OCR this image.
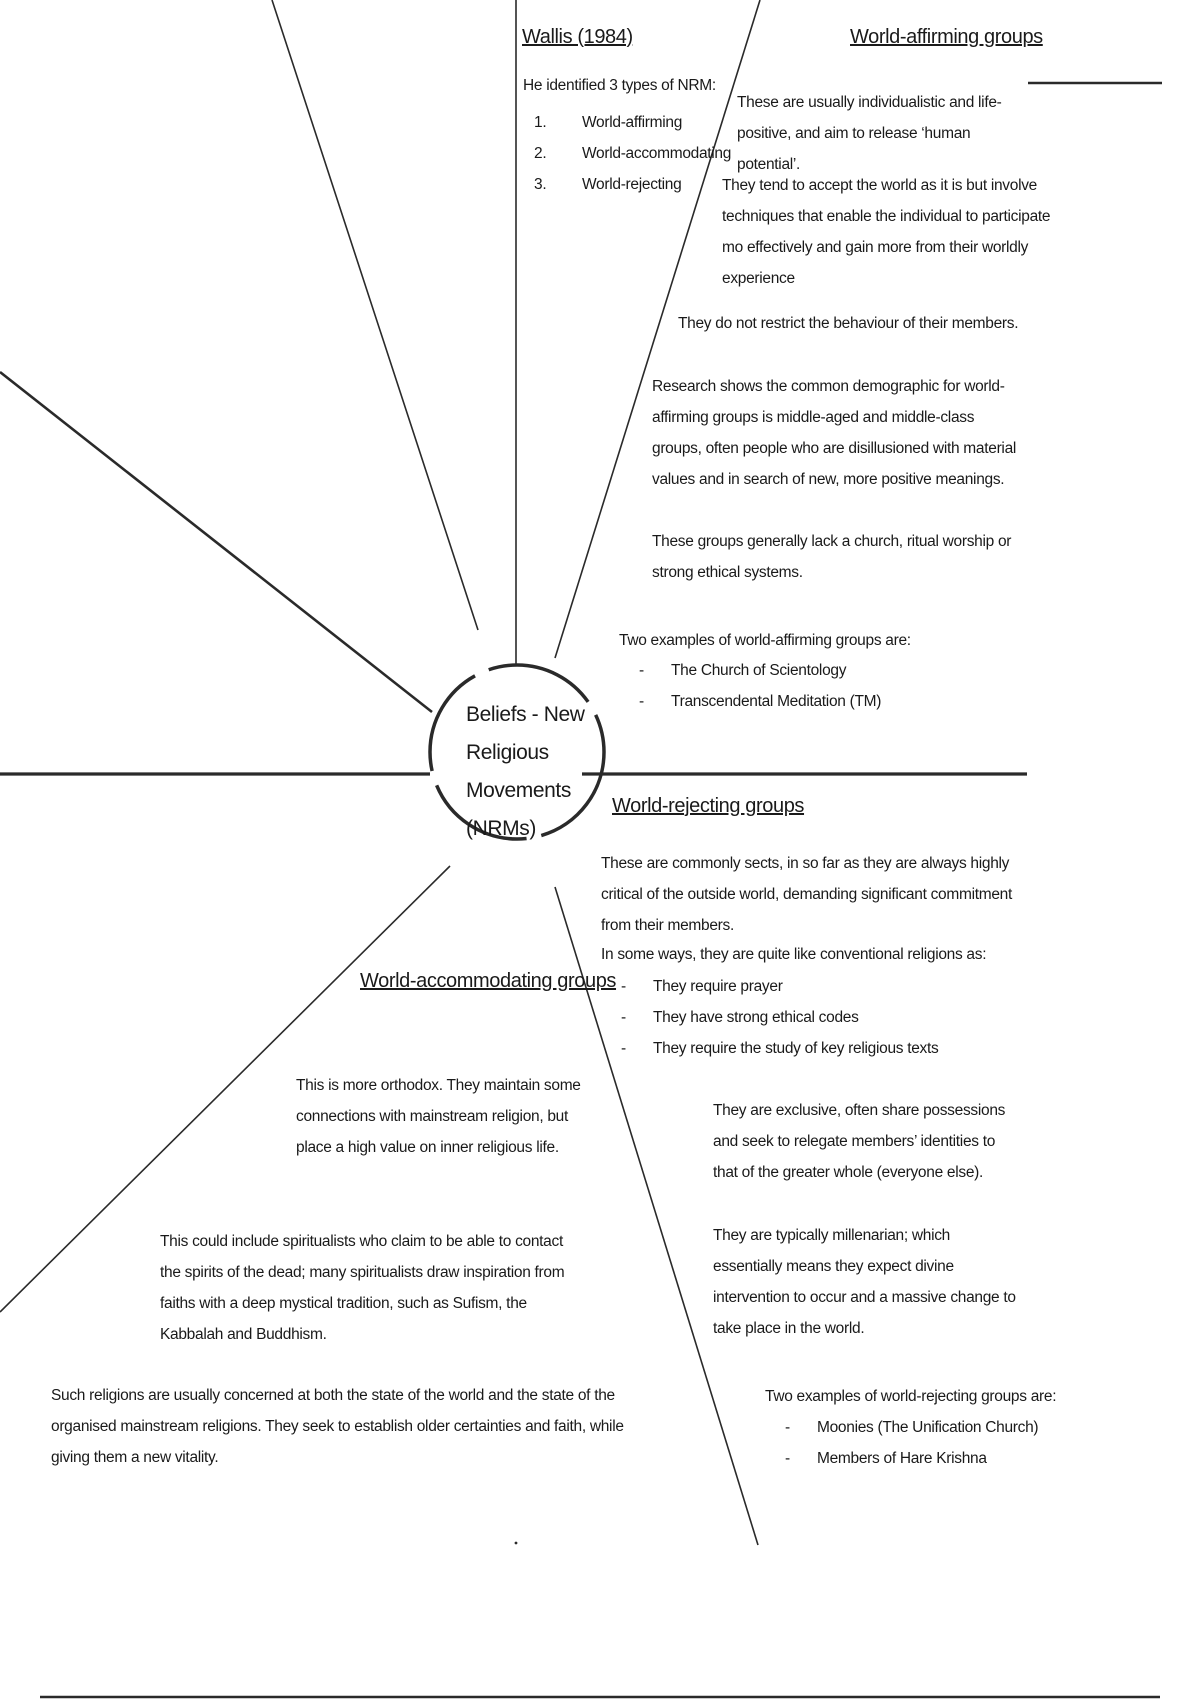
Beliefs - New Religious Movements (NRMs)
Wallis (1984)
He identified 3 types of NRM:
1. World-affirming
2. World-accommodating
3. World-rejecting
World-affirming groups
These are usually individualistic and life-positive, and aim to release ‘human potential’.
They tend to accept the world as it is but involve techniques that enable the individual to participate mo effectively and gain more from their worldly experience
They do not restrict the behaviour of their members.
Research shows the common demographic for world-affirming groups is middle-aged and middle-class groups, often people who are disillusioned with material values and in search of new, more positive meanings.
These groups generally lack a church, ritual worship or strong ethical systems.
Two examples of world-affirming groups are:
- The Church of Scientology
- Transcendental Meditation (TM)
World-rejecting groups
These are commonly sects, in so far as they are always highly critical of the outside world, demanding significant commitment from their members.
In some ways, they are quite like conventional religions as:
- They require prayer
- They have strong ethical codes
- They require the study of key religious texts
They are exclusive, often share possessions and seek to relegate members’ identities to that of the greater whole (everyone else).
They are typically millenarian; which essentially means they expect divine intervention to occur and a massive change to take place in the world.
Two examples of world-rejecting groups are:
- Moonies (The Unification Church)
- Members of Hare Krishna
World-accommodating groups
This is more orthodox. They maintain some connections with mainstream religion, but place a high value on inner religious life.
This could include spiritualists who claim to be able to contact the spirits of the dead; many spiritualists draw inspiration from faiths with a deep mystical tradition, such as Sufism, the Kabbalah and Buddhism.
Such religions are usually concerned at both the state of the world and the state of the organised mainstream religions. They seek to establish older certainties and faith, while giving them a new vitality.
